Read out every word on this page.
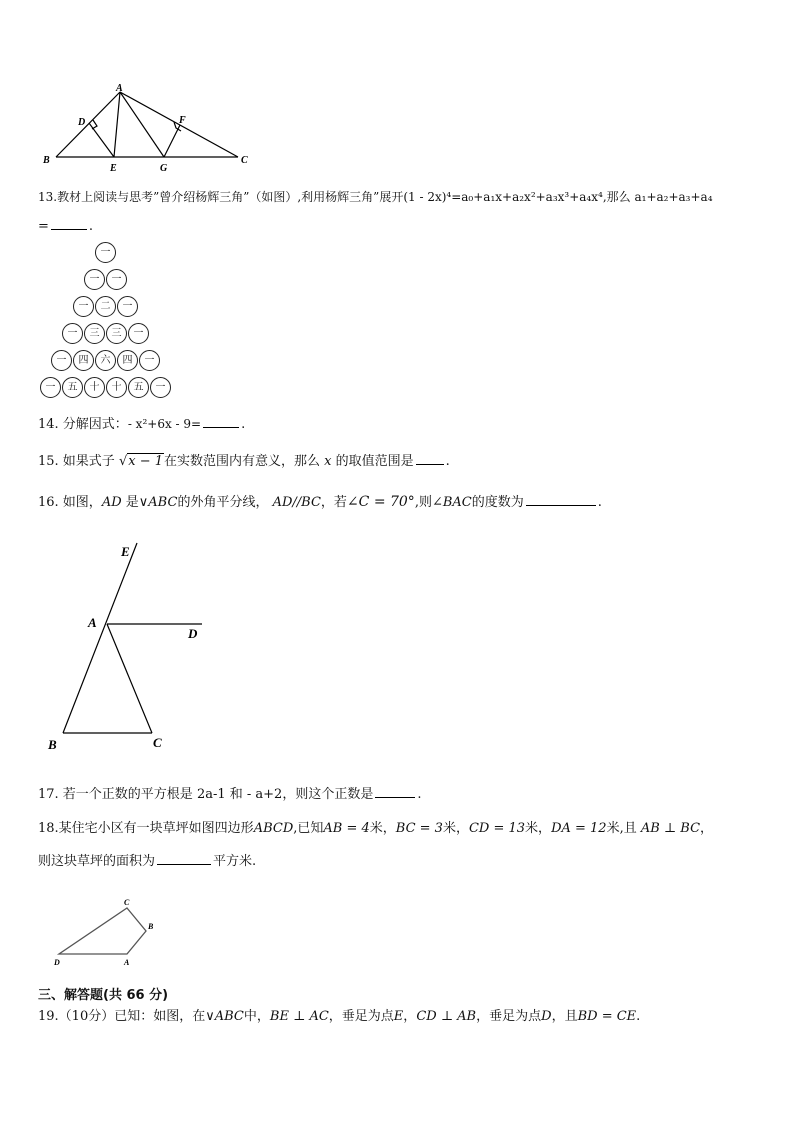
A
D	F
B
E	G
C
13.教材上阅读与思考”曾介绍杨辉三角”（如图）,利用杨辉三角”展开(1 - 2x)⁴=a₀+a₁x+a₂x²+a₃x³+a₄x⁴,那么 a₁+a₂+a₃+a₄
=	.
一
一	一
一	二	一
一	三	三	一
一	四	六	四	一
一	五	十	十	五	一
14. 分解因式：- x²+6x - 9=	.
15. 如果式子 √x − 1在实数范围内有意义，那么 x 的取值范围是 .
16. 如图，AD 是∨ABC的外角平分线， AD//BC，若∠C = 70°,则∠BAC的度数为	.
E
A
D
B	C
17. 若一个正数的平方根是 2a-1 和 - a+2，则这个正数是	.
18.某住宅小区有一块草坪如图四边形ABCD,已知AB = 4米，BC = 3米，CD = 13米，DA = 12米,且 AB ⊥ BC，
则这块草坪的面积为	平方米.
C
B
D	A
三、解答题(共 66 分)
19.（10分）已知：如图，在∨ABC中，BE ⊥ AC，垂足为点E，CD ⊥ AB，垂足为点D，且BD = CE.
